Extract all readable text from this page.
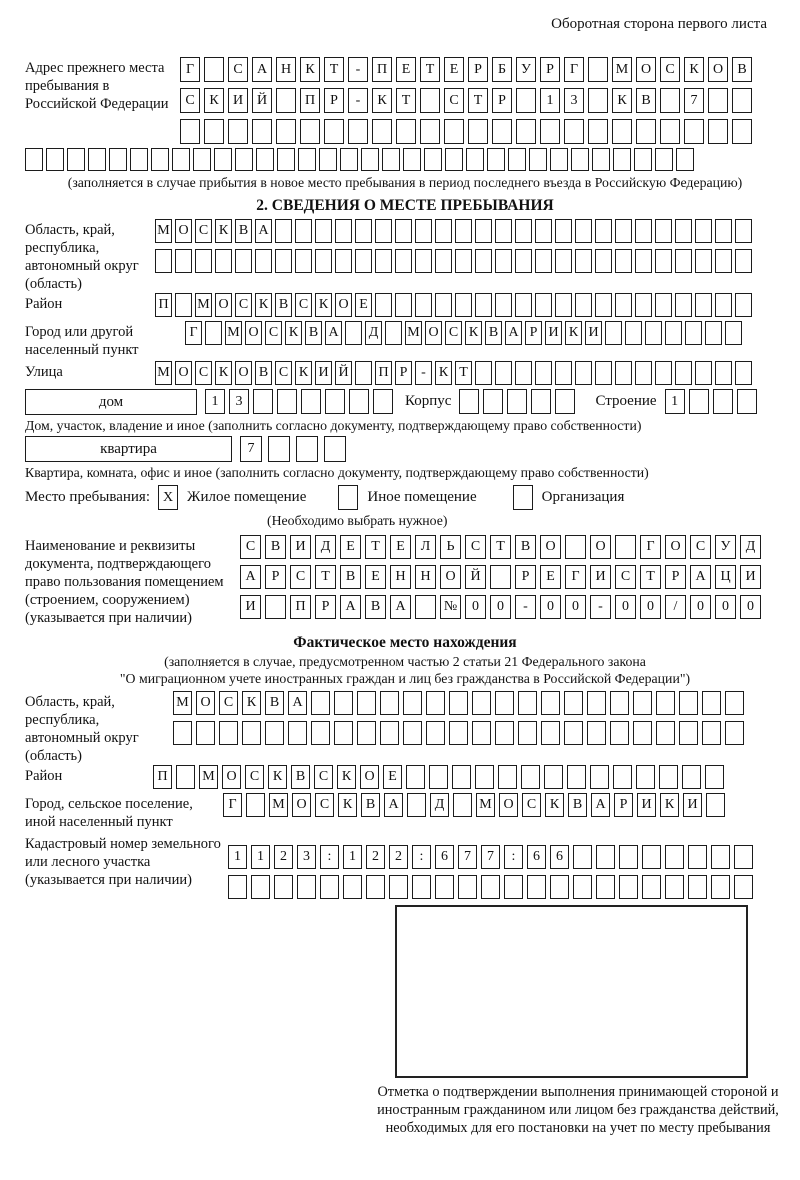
Оборотная сторона первого листа
Адрес прежнего места пребывания в Российской Федерации
Г	С	А Н	К	Т	-	П	Е	Т	Е	Р	Б	У	Р	Г	М О	С	К	О	В
С	К	И Й	П	Р	-	К	Т	С	Т	Р	1	3	К	В	7
(заполняется в случае прибытия в новое место пребывания в период последнего въезда в Российскую Федерацию)
2. СВЕДЕНИЯ О МЕСТЕ ПРЕБЫВАНИЯ
Область, край, республика, автономный округ (область)
М О С К В А
Район	П М О С К В С К О Е
Город или другой населенный пункт
Г	М О С К В А Д М О С К В А Р И К И
Улица	М О С К О В С К И Й П Р - К Т
дом	1	3	Корпус	Строение	1
Дом, участок, владение и иное (заполнить согласно документу, подтверждающему право собственности)
квартира	7
Квартира, комната, офис и иное (заполнить согласно документу, подтверждающему право собственности)
Место пребывания: X Жилое помещение	Иное помещение	Организация
(Необходимо выбрать нужное)
Наименование и реквизиты документа, подтверждающего право пользования помещением (строением, сооружением) (указывается при наличии)
С	В	И	Д	Е	Т	Е	Л	Ь	С	Т	В	О	О	Г	О	С	У	Д
А	Р	С	Т	В	Е	Н	Н	О	Й	Р	Е	Г	И	С	Т	Р	А	Ц	И
И	П	Р	А	В	А	№	0	0	-	0	0	-	0	0	/	0	0	0
Фактическое место нахождения
(заполняется в случае, предусмотренном частью 2 статьи 21 Федерального закона
"О миграционном учете иностранных граждан и лиц без гражданства в Российской Федерации")
Область, край, республика, автономный округ (область)
М О С К В А
Район	П	М О С К В С К О Е
Город, сельское поселение, иной населенный пункт
Г	М О С К В А	Д	М О С К В А	Р	И К И
Кадастровый номер земельного или лесного участка (указывается при наличии)
1	1	2	3	:	1	2	2	:	6	7	7	:	6	6
Отметка о подтверждении выполнения принимающей стороной и иностранным гражданином или лицом без гражданства действий, необходимых для его постановки на учет по месту пребывания
